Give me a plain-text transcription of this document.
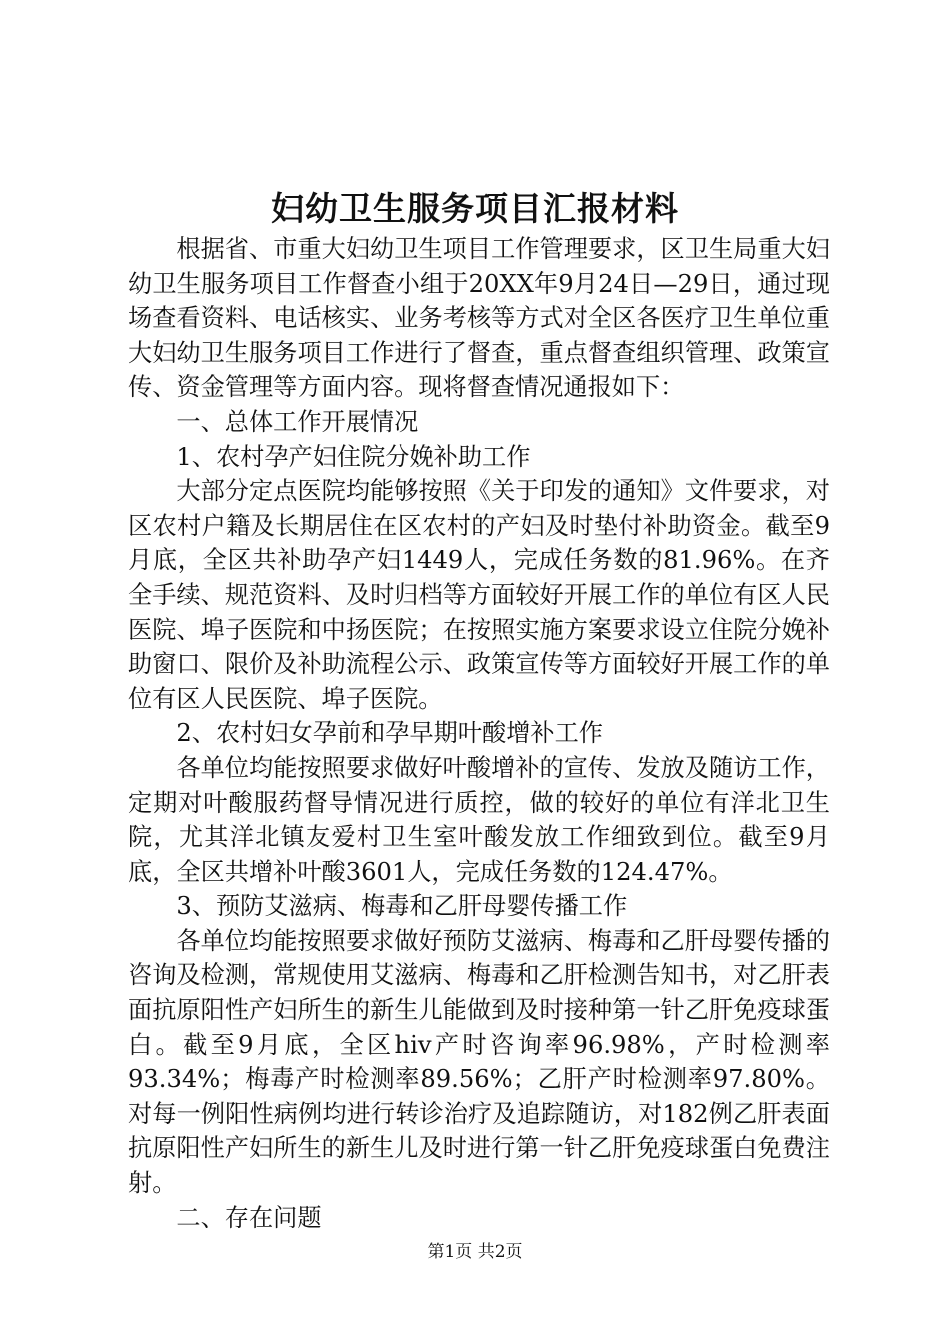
妇幼卫生服务项目汇报材料

根据省、市重大妇幼卫生项目工作管理要求，区卫生局重大妇幼卫生服务项目工作督查小组于20XX年9月24日—29日，通过现场查看资料、电话核实、业务考核等方式对全区各医疗卫生单位重大妇幼卫生服务项目工作进行了督查，重点督查组织管理、政策宣传、资金管理等方面内容。现将督查情况通报如下：

一、总体工作开展情况

1、农村孕产妇住院分娩补助工作

大部分定点医院均能够按照《关于印发的通知》文件要求，对区农村户籍及长期居住在区农村的产妇及时垫付补助资金。截至9月底，全区共补助孕产妇1449人，完成任务数的81.96%。在齐全手续、规范资料、及时归档等方面较好开展工作的单位有区人民医院、埠子医院和中扬医院；在按照实施方案要求设立住院分娩补助窗口、限价及补助流程公示、政策宣传等方面较好开展工作的单位有区人民医院、埠子医院。

2、农村妇女孕前和孕早期叶酸增补工作

各单位均能按照要求做好叶酸增补的宣传、发放及随访工作，定期对叶酸服药督导情况进行质控，做的较好的单位有洋北卫生院，尤其洋北镇友爱村卫生室叶酸发放工作细致到位。截至9月底，全区共增补叶酸3601人，完成任务数的124.47%。

3、预防艾滋病、梅毒和乙肝母婴传播工作

各单位均能按照要求做好预防艾滋病、梅毒和乙肝母婴传播的咨询及检测，常规使用艾滋病、梅毒和乙肝检测告知书，对乙肝表面抗原阳性产妇所生的新生儿能做到及时接种第一针乙肝免疫球蛋白。截至9月底，全区hiv产时咨询率96.98%，产时检测率93.34%；梅毒产时检测率89.56%；乙肝产时检测率97.80%。对每一例阳性病例均进行转诊治疗及追踪随访，对182例乙肝表面抗原阳性产妇所生的新生儿及时进行第一针乙肝免疫球蛋白免费注射。

二、存在问题

第1页 共2页
